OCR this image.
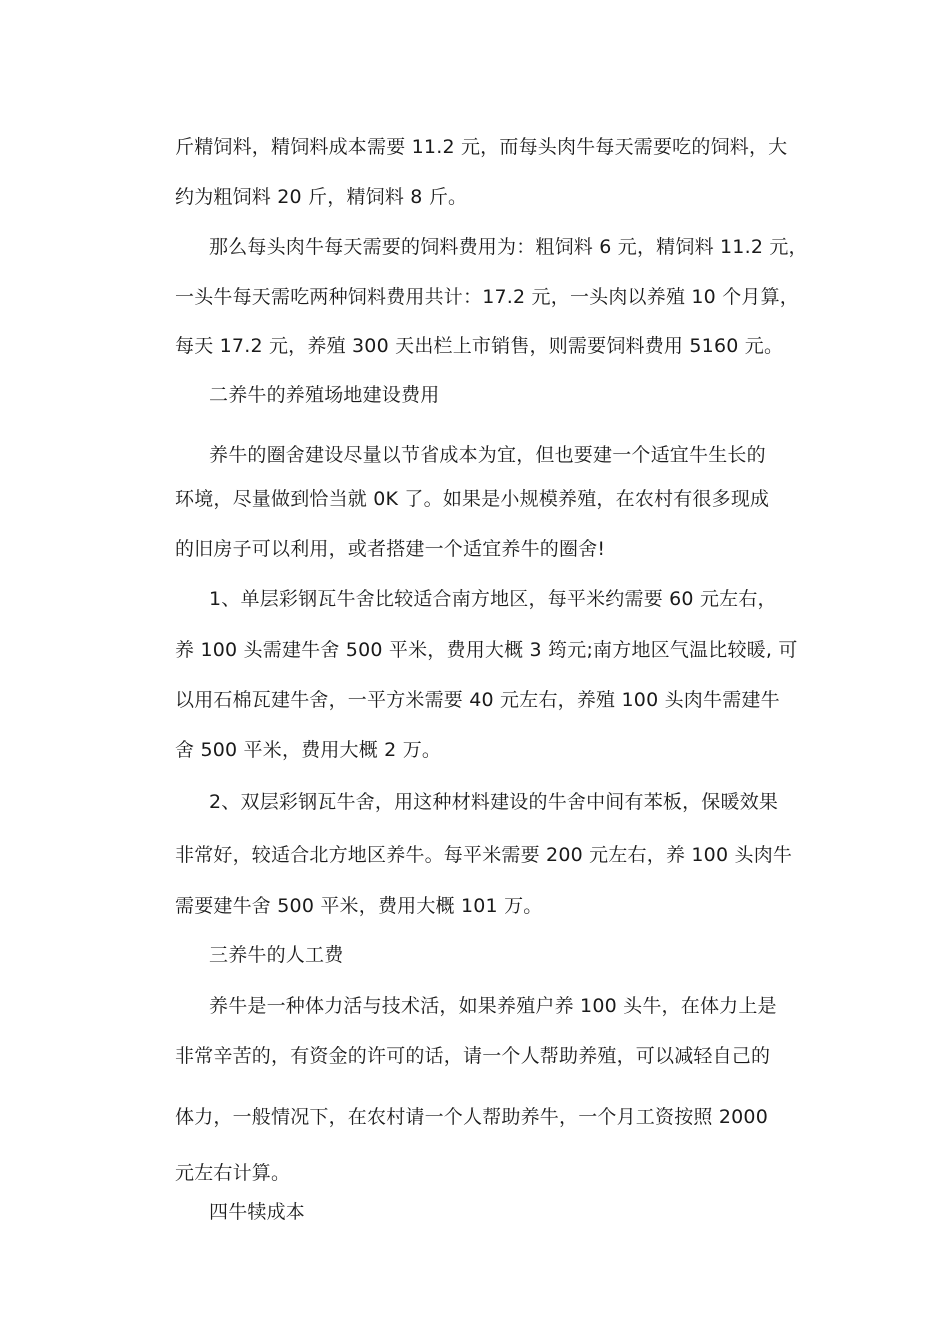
斤精饲料，精饲料成本需要 11.2 元，而每头肉牛每天需要吃的饲料，大

约为粗饲料 20 斤，精饲料 8 斤。

那么每头肉牛每天需要的饲料费用为：粗饲料 6 元，精饲料 11.2 元，

一头牛每天需吃两种饲料费用共计：17.2 元，一头肉以养殖 10 个月算，

每天 17.2 元，养殖 300 天出栏上市销售，则需要饲料费用 5160 元。

二养牛的养殖场地建设费用

养牛的圈舍建设尽量以节省成本为宜，但也要建一个适宜牛生长的

环境，尽量做到恰当就 0K 了。如果是小规模养殖，在农村有很多现成

的旧房子可以利用，或者搭建一个适宜养牛的圈舍!

1、单层彩钢瓦牛舍比较适合南方地区，每平米约需要 60 元左右，

养 100 头需建牛舍 500 平米，费用大概 3 筠元;南方地区气温比较暖, 可

以用石棉瓦建牛舍，一平方米需要 40 元左右，养殖 100 头肉牛需建牛

舍 500 平米，费用大概 2 万。

2、双层彩钢瓦牛舍，用这种材料建设的牛舍中间有苯板，保暖效果

非常好，较适合北方地区养牛。每平米需要 200 元左右，养 100 头肉牛

需要建牛舍 500 平米，费用大概 101 万。

三养牛的人工费

养牛是一种体力活与技术活，如果养殖户养 100 头牛，在体力上是

非常辛苦的，有资金的许可的话，请一个人帮助养殖，可以减轻自己的

体力，一般情况下，在农村请一个人帮助养牛，一个月工资按照 2000

元左右计算。

四牛犊成本
